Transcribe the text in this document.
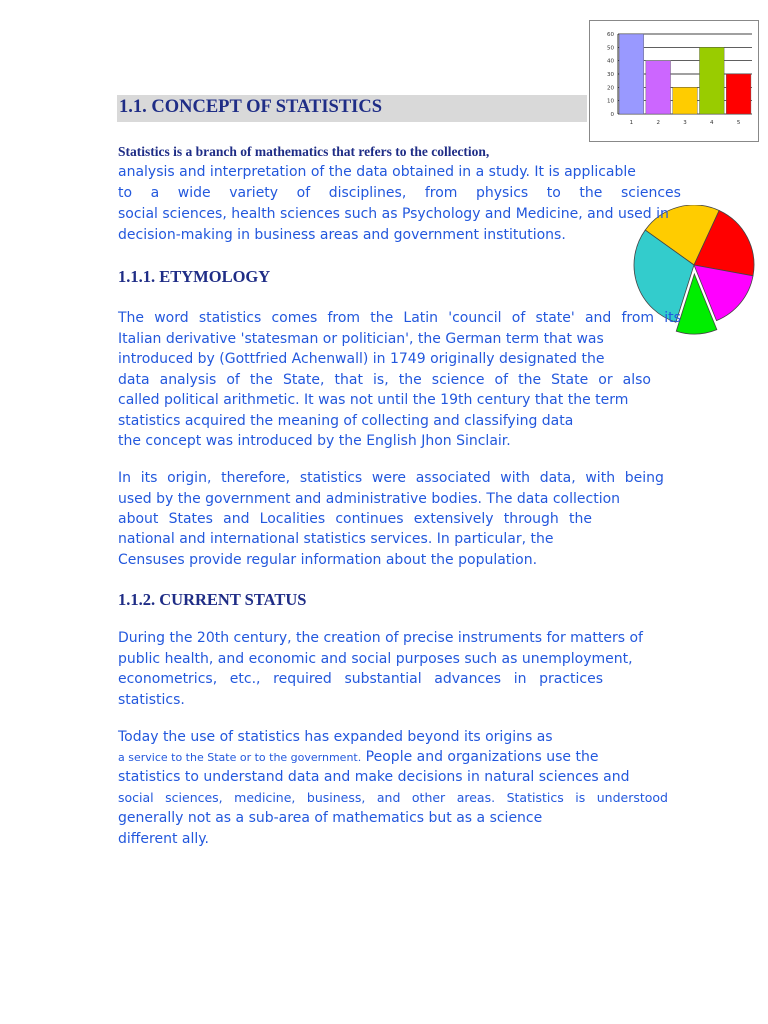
0
10
20
30
40
50
60
1	2	3	4	5
1.1. CONCEPT OF STATISTICS
Statistics is a branch of mathematics that refers to the collection,
analysis and interpretation of the data obtained in a study. It is applicable
to a wide variety of disciplines, from physics to the sciences
social sciences, health sciences such as Psychology and Medicine, and used in
decision-making in business areas and government institutions.
1.1.1. ETYMOLOGY
The word statistics comes from the Latin 'council of state' and from its
Italian derivative 'statesman or politician', the German term that was
introduced by (Gottfried Achenwall) in 1749 originally designated the
data analysis of the State, that is, the science of the State or also
called political arithmetic. It was not until the 19th century that the term
statistics acquired the meaning of collecting and classifying data
the concept was introduced by the English Jhon Sinclair.
In its origin, therefore, statistics were associated with data, with being
used by the government and administrative bodies. The data collection
about States and Localities continues extensively through the
national and international statistics services. In particular, the
Censuses provide regular information about the population.
1.1.2. CURRENT STATUS
During the 20th century, the creation of precise instruments for matters of
public health, and economic and social purposes such as unemployment,
econometrics, etc., required substantial advances in practices
statistics.
Today the use of statistics has expanded beyond its origins as
a service to the State or to the government. People and organizations use the
statistics to understand data and make decisions in natural sciences and
social sciences, medicine, business, and other areas. Statistics is understood
generally not as a sub-area of mathematics but as a science
different ally.
